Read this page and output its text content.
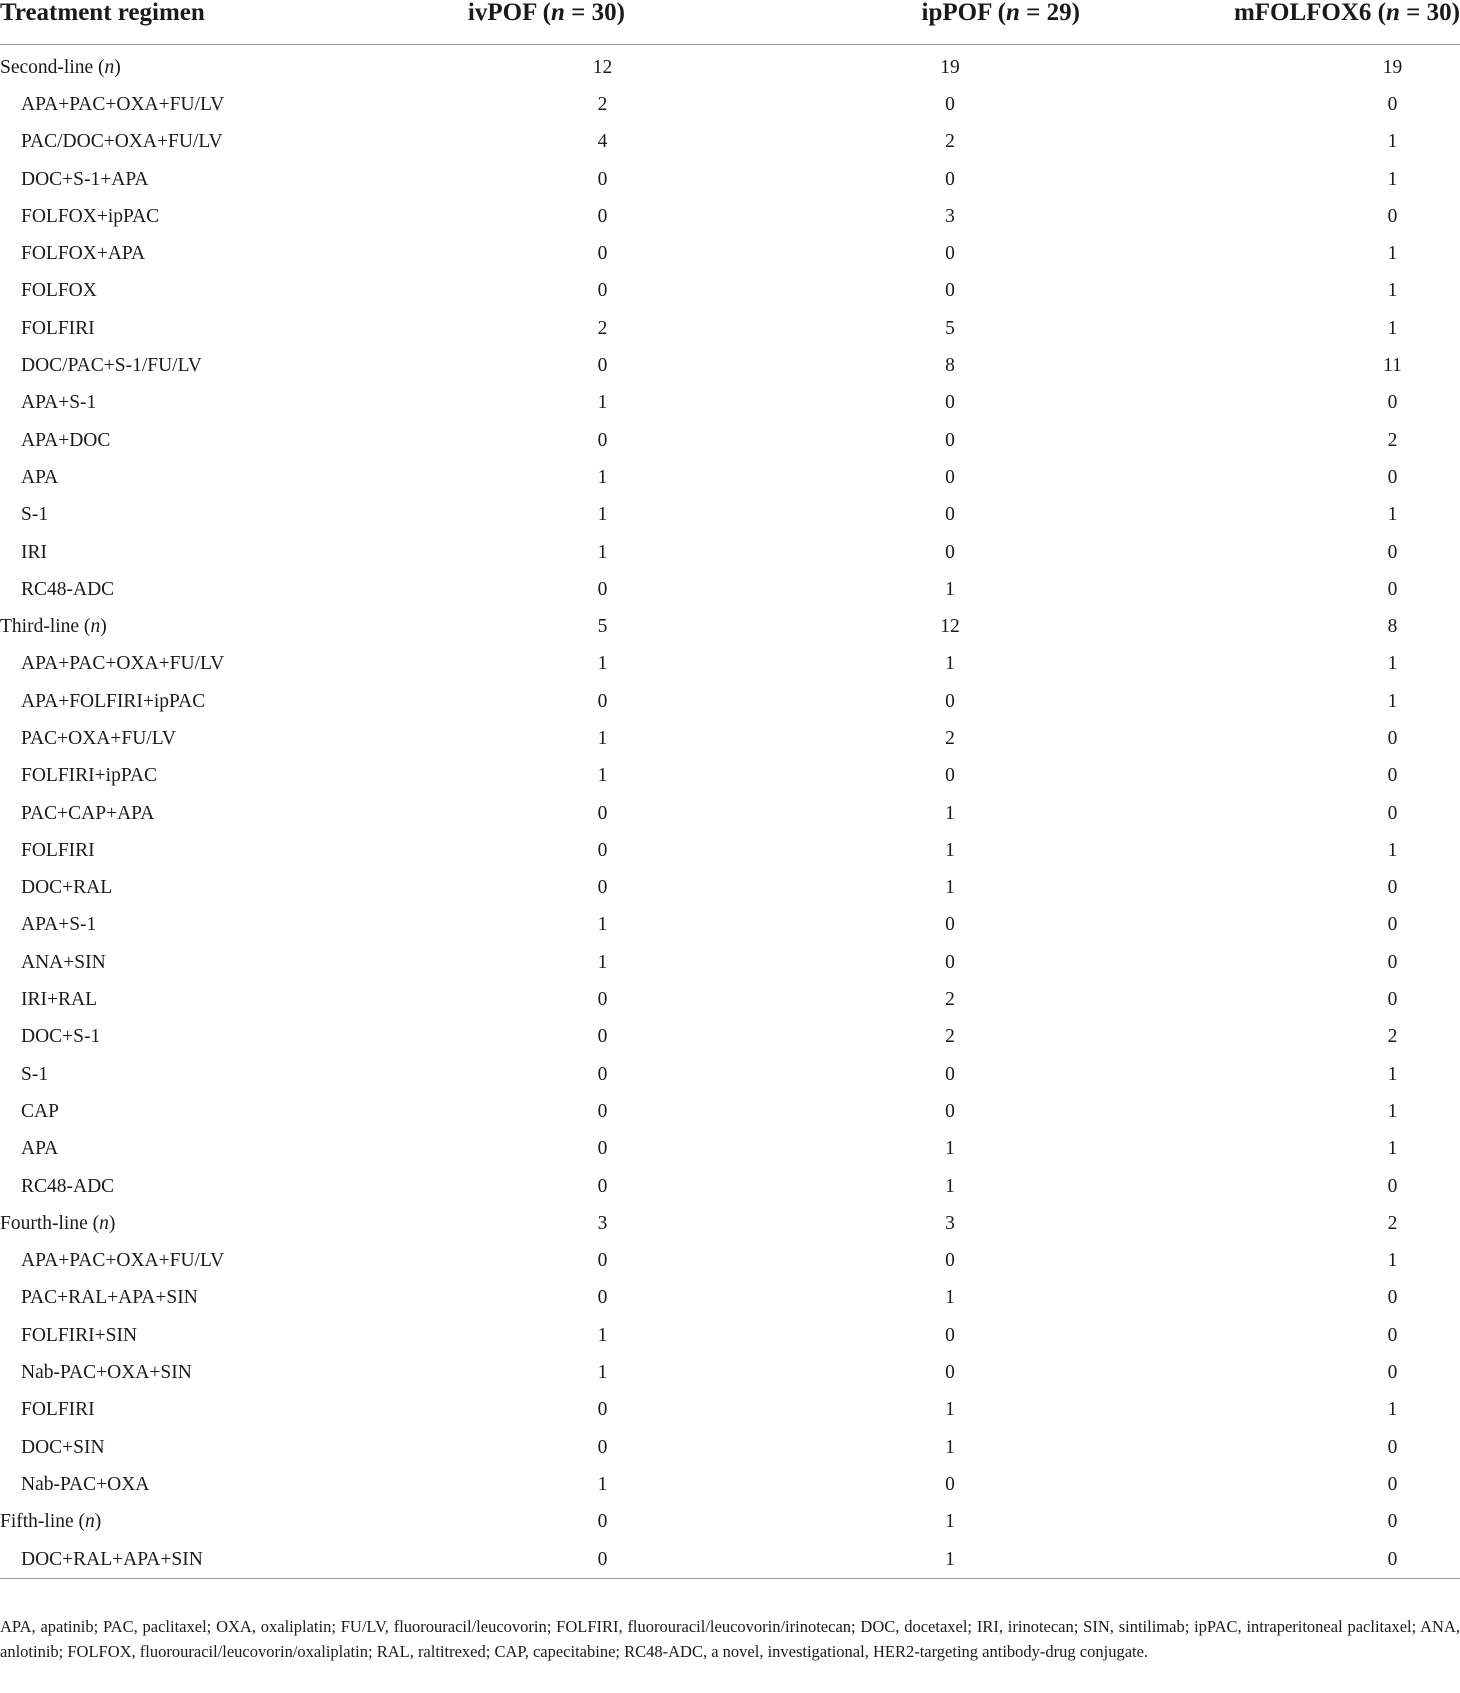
Treatment regimen	ivPOF (n = 30)	ipPOF (n = 29)	mFOLFOX6 (n = 30)
Second-line (n)	12	19	19
APA+PAC+OXA+FU/LV	2	0	0
PAC/DOC+OXA+FU/LV	4	2	1
DOC+S-1+APA	0	0	1
FOLFOX+ipPAC	0	3	0
FOLFOX+APA	0	0	1
FOLFOX	0	0	1
FOLFIRI	2	5	1
DOC/PAC+S-1/FU/LV	0	8	11
APA+S-1	1	0	0
APA+DOC	0	0	2
APA	1	0	0
S-1	1	0	1
IRI	1	0	0
RC48-ADC	0	1	0
Third-line (n)	5	12	8
APA+PAC+OXA+FU/LV	1	1	1
APA+FOLFIRI+ipPAC	0	0	1
PAC+OXA+FU/LV	1	2	0
FOLFIRI+ipPAC	1	0	0
PAC+CAP+APA	0	1	0
FOLFIRI	0	1	1
DOC+RAL	0	1	0
APA+S-1	1	0	0
ANA+SIN	1	0	0
IRI+RAL	0	2	0
DOC+S-1	0	2	2
S-1	0	0	1
CAP	0	0	1
APA	0	1	1
RC48-ADC	0	1	0
Fourth-line (n)	3	3	2
APA+PAC+OXA+FU/LV	0	0	1
PAC+RAL+APA+SIN	0	1	0
FOLFIRI+SIN	1	0	0
Nab-PAC+OXA+SIN	1	0	0
FOLFIRI	0	1	1
DOC+SIN	0	1	0
Nab-PAC+OXA	1	0	0
Fifth-line (n)	0	1	0
DOC+RAL+APA+SIN	0	1	0
APA, apatinib; PAC, paclitaxel; OXA, oxaliplatin; FU/LV, fluorouracil/leucovorin; FOLFIRI, fluorouracil/leucovorin/irinotecan; DOC, docetaxel; IRI, irinotecan; SIN, sintilimab; ipPAC, intraperitoneal paclitaxel; ANA, anlotinib; FOLFOX, fluorouracil/leucovorin/oxaliplatin; RAL, raltitrexed; CAP, capecitabine; RC48-ADC, a novel, investigational, HER2-targeting antibody-drug conjugate.
